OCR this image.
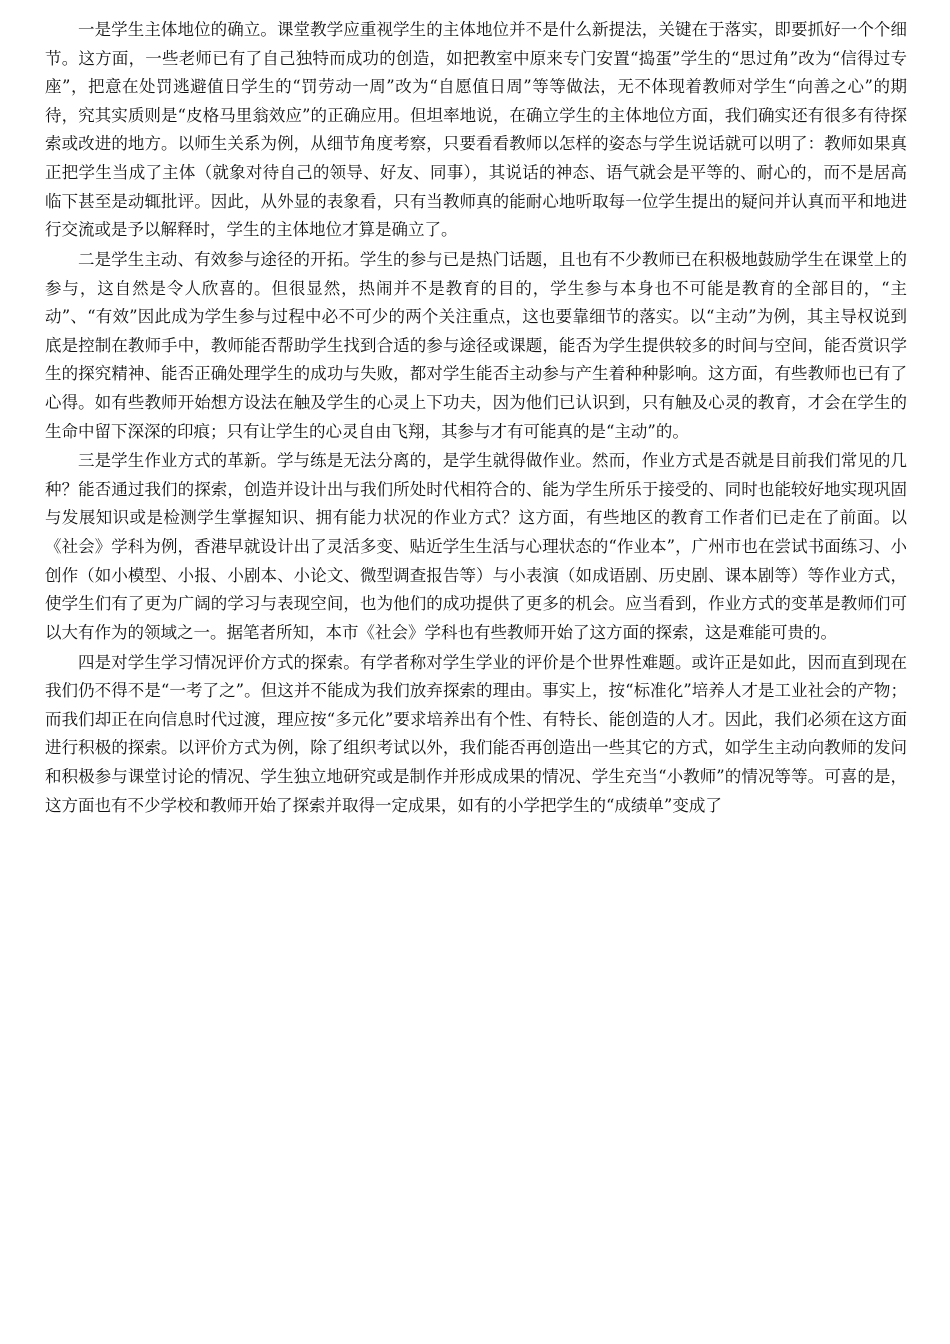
一是学生主体地位的确立。课堂教学应重视学生的主体地位并不是什么新提法，关键在于落实，即要抓好一个个细节。这方面，一些老师已有了自己独特而成功的创造，如把教室中原来专门安置“捣蛋”学生的“思过角”改为“信得过专座”，把意在处罚逃避值日学生的“罚劳动一周”改为“自愿值日周”等等做法，无不体现着教师对学生“向善之心”的期待，究其实质则是“皮格马里翁效应”的正确应用。但坦率地说，在确立学生的主体地位方面，我们确实还有很多有待探索或改进的地方。以师生关系为例，从细节角度考察，只要看看教师以怎样的姿态与学生说话就可以明了：教师如果真正把学生当成了主体（就象对待自己的领导、好友、同事），其说话的神态、语气就会是平等的、耐心的，而不是居高临下甚至是动辄批评。因此，从外显的表象看，只有当教师真的能耐心地听取每一位学生提出的疑问并认真而平和地进行交流或是予以解释时，学生的主体地位才算是确立了。

二是学生主动、有效参与途径的开拓。学生的参与已是热门话题，且也有不少教师已在积极地鼓励学生在课堂上的参与，这自然是令人欣喜的。但很显然，热闹并不是教育的目的，学生参与本身也不可能是教育的全部目的，“主动”、“有效”因此成为学生参与过程中必不可少的两个关注重点，这也要靠细节的落实。以“主动”为例，其主导权说到底是控制在教师手中，教师能否帮助学生找到合适的参与途径或课题，能否为学生提供较多的时间与空间，能否赏识学生的探究精神、能否正确处理学生的成功与失败，都对学生能否主动参与产生着种种影响。这方面，有些教师也已有了心得。如有些教师开始想方设法在触及学生的心灵上下功夫，因为他们已认识到，只有触及心灵的教育，才会在学生的生命中留下深深的印痕；只有让学生的心灵自由飞翔，其参与才有可能真的是“主动”的。

三是学生作业方式的革新。学与练是无法分离的，是学生就得做作业。然而，作业方式是否就是目前我们常见的几种？能否通过我们的探索，创造并设计出与我们所处时代相符合的、能为学生所乐于接受的、同时也能较好地实现巩固与发展知识或是检测学生掌握知识、拥有能力状况的作业方式？这方面，有些地区的教育工作者们已走在了前面。以《社会》学科为例，香港早就设计出了灵活多变、贴近学生生活与心理状态的“作业本”，广州市也在尝试书面练习、小创作（如小模型、小报、小剧本、小论文、微型调查报告等）与小表演（如成语剧、历史剧、课本剧等）等作业方式，使学生们有了更为广阔的学习与表现空间，也为他们的成功提供了更多的机会。应当看到，作业方式的变革是教师们可以大有作为的领域之一。据笔者所知，本市《社会》学科也有些教师开始了这方面的探索，这是难能可贵的。

四是对学生学习情况评价方式的探索。有学者称对学生学业的评价是个世界性难题。或许正是如此，因而直到现在我们仍不得不是“一考了之”。但这并不能成为我们放弃探索的理由。事实上，按“标准化”培养人才是工业社会的产物；而我们却正在向信息时代过渡，理应按“多元化”要求培养出有个性、有特长、能创造的人才。因此，我们必须在这方面进行积极的探索。以评价方式为例，除了组织考试以外，我们能否再创造出一些其它的方式，如学生主动向教师的发问和积极参与课堂讨论的情况、学生独立地研究或是制作并形成成果的情况、学生充当“小教师”的情况等等。可喜的是，这方面也有不少学校和教师开始了探索并取得一定成果，如有的小学把学生的“成绩单”变成了
